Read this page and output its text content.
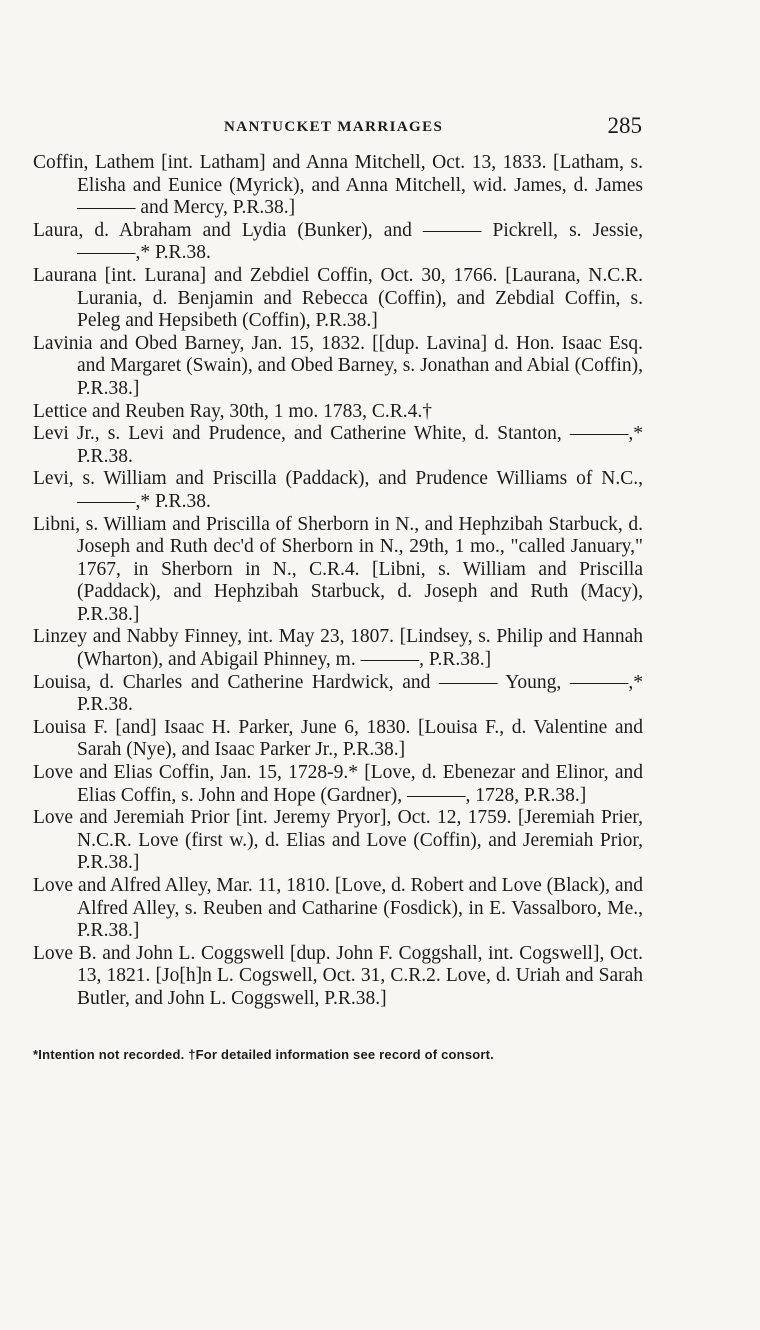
NANTUCKET MARRIAGES	285

Coffin, Lathem [int. Latham] and Anna Mitchell, Oct. 13, 1833. [Latham, s. Elisha and Eunice (Myrick), and Anna Mitchell, wid. James, d. James ——— and Mercy, P.R.38.]

Laura, d. Abraham and Lydia (Bunker), and ——— Pickrell, s. Jessie, ———,* P.R.38.

Laurana [int. Lurana] and Zebdiel Coffin, Oct. 30, 1766. [Laurana, N.C.R. Lurania, d. Benjamin and Rebecca (Coffin), and Zebdial Coffin, s. Peleg and Hepsibeth (Coffin), P.R.38.]

Lavinia and Obed Barney, Jan. 15, 1832. [[dup. Lavina] d. Hon. Isaac Esq. and Margaret (Swain), and Obed Barney, s. Jonathan and Abial (Coffin), P.R.38.]

Lettice and Reuben Ray, 30th, 1 mo. 1783, C.R.4.†

Levi Jr., s. Levi and Prudence, and Catherine White, d. Stanton, ———,* P.R.38.

Levi, s. William and Priscilla (Paddack), and Prudence Williams of N.C., ———,* P.R.38.

Libni, s. William and Priscilla of Sherborn in N., and Hephzibah Starbuck, d. Joseph and Ruth dec'd of Sherborn in N., 29th, 1 mo., "called January," 1767, in Sherborn in N., C.R.4. [Libni, s. William and Priscilla (Paddack), and Hephzibah Starbuck, d. Joseph and Ruth (Macy), P.R.38.]

Linzey and Nabby Finney, int. May 23, 1807. [Lindsey, s. Philip and Hannah (Wharton), and Abigail Phinney, m. ———, P.R.38.]

Louisa, d. Charles and Catherine Hardwick, and ——— Young, ———,* P.R.38.

Louisa F. [and] Isaac H. Parker, June 6, 1830. [Louisa F., d. Valentine and Sarah (Nye), and Isaac Parker Jr., P.R.38.]

Love and Elias Coffin, Jan. 15, 1728-9.* [Love, d. Ebenezar and Elinor, and Elias Coffin, s. John and Hope (Gardner), ———, 1728, P.R.38.]

Love and Jeremiah Prior [int. Jeremy Pryor], Oct. 12, 1759. [Jeremiah Prier, N.C.R. Love (first w.), d. Elias and Love (Coffin), and Jeremiah Prior, P.R.38.]

Love and Alfred Alley, Mar. 11, 1810. [Love, d. Robert and Love (Black), and Alfred Alley, s. Reuben and Catharine (Fosdick), in E. Vassalboro, Me., P.R.38.]

Love B. and John L. Coggswell [dup. John F. Coggshall, int. Cogswell], Oct. 13, 1821. [Jo[h]n L. Cogswell, Oct. 31, C.R.2. Love, d. Uriah and Sarah Butler, and John L. Coggswell, P.R.38.]

*Intention not recorded. †For detailed information see record of consort.
